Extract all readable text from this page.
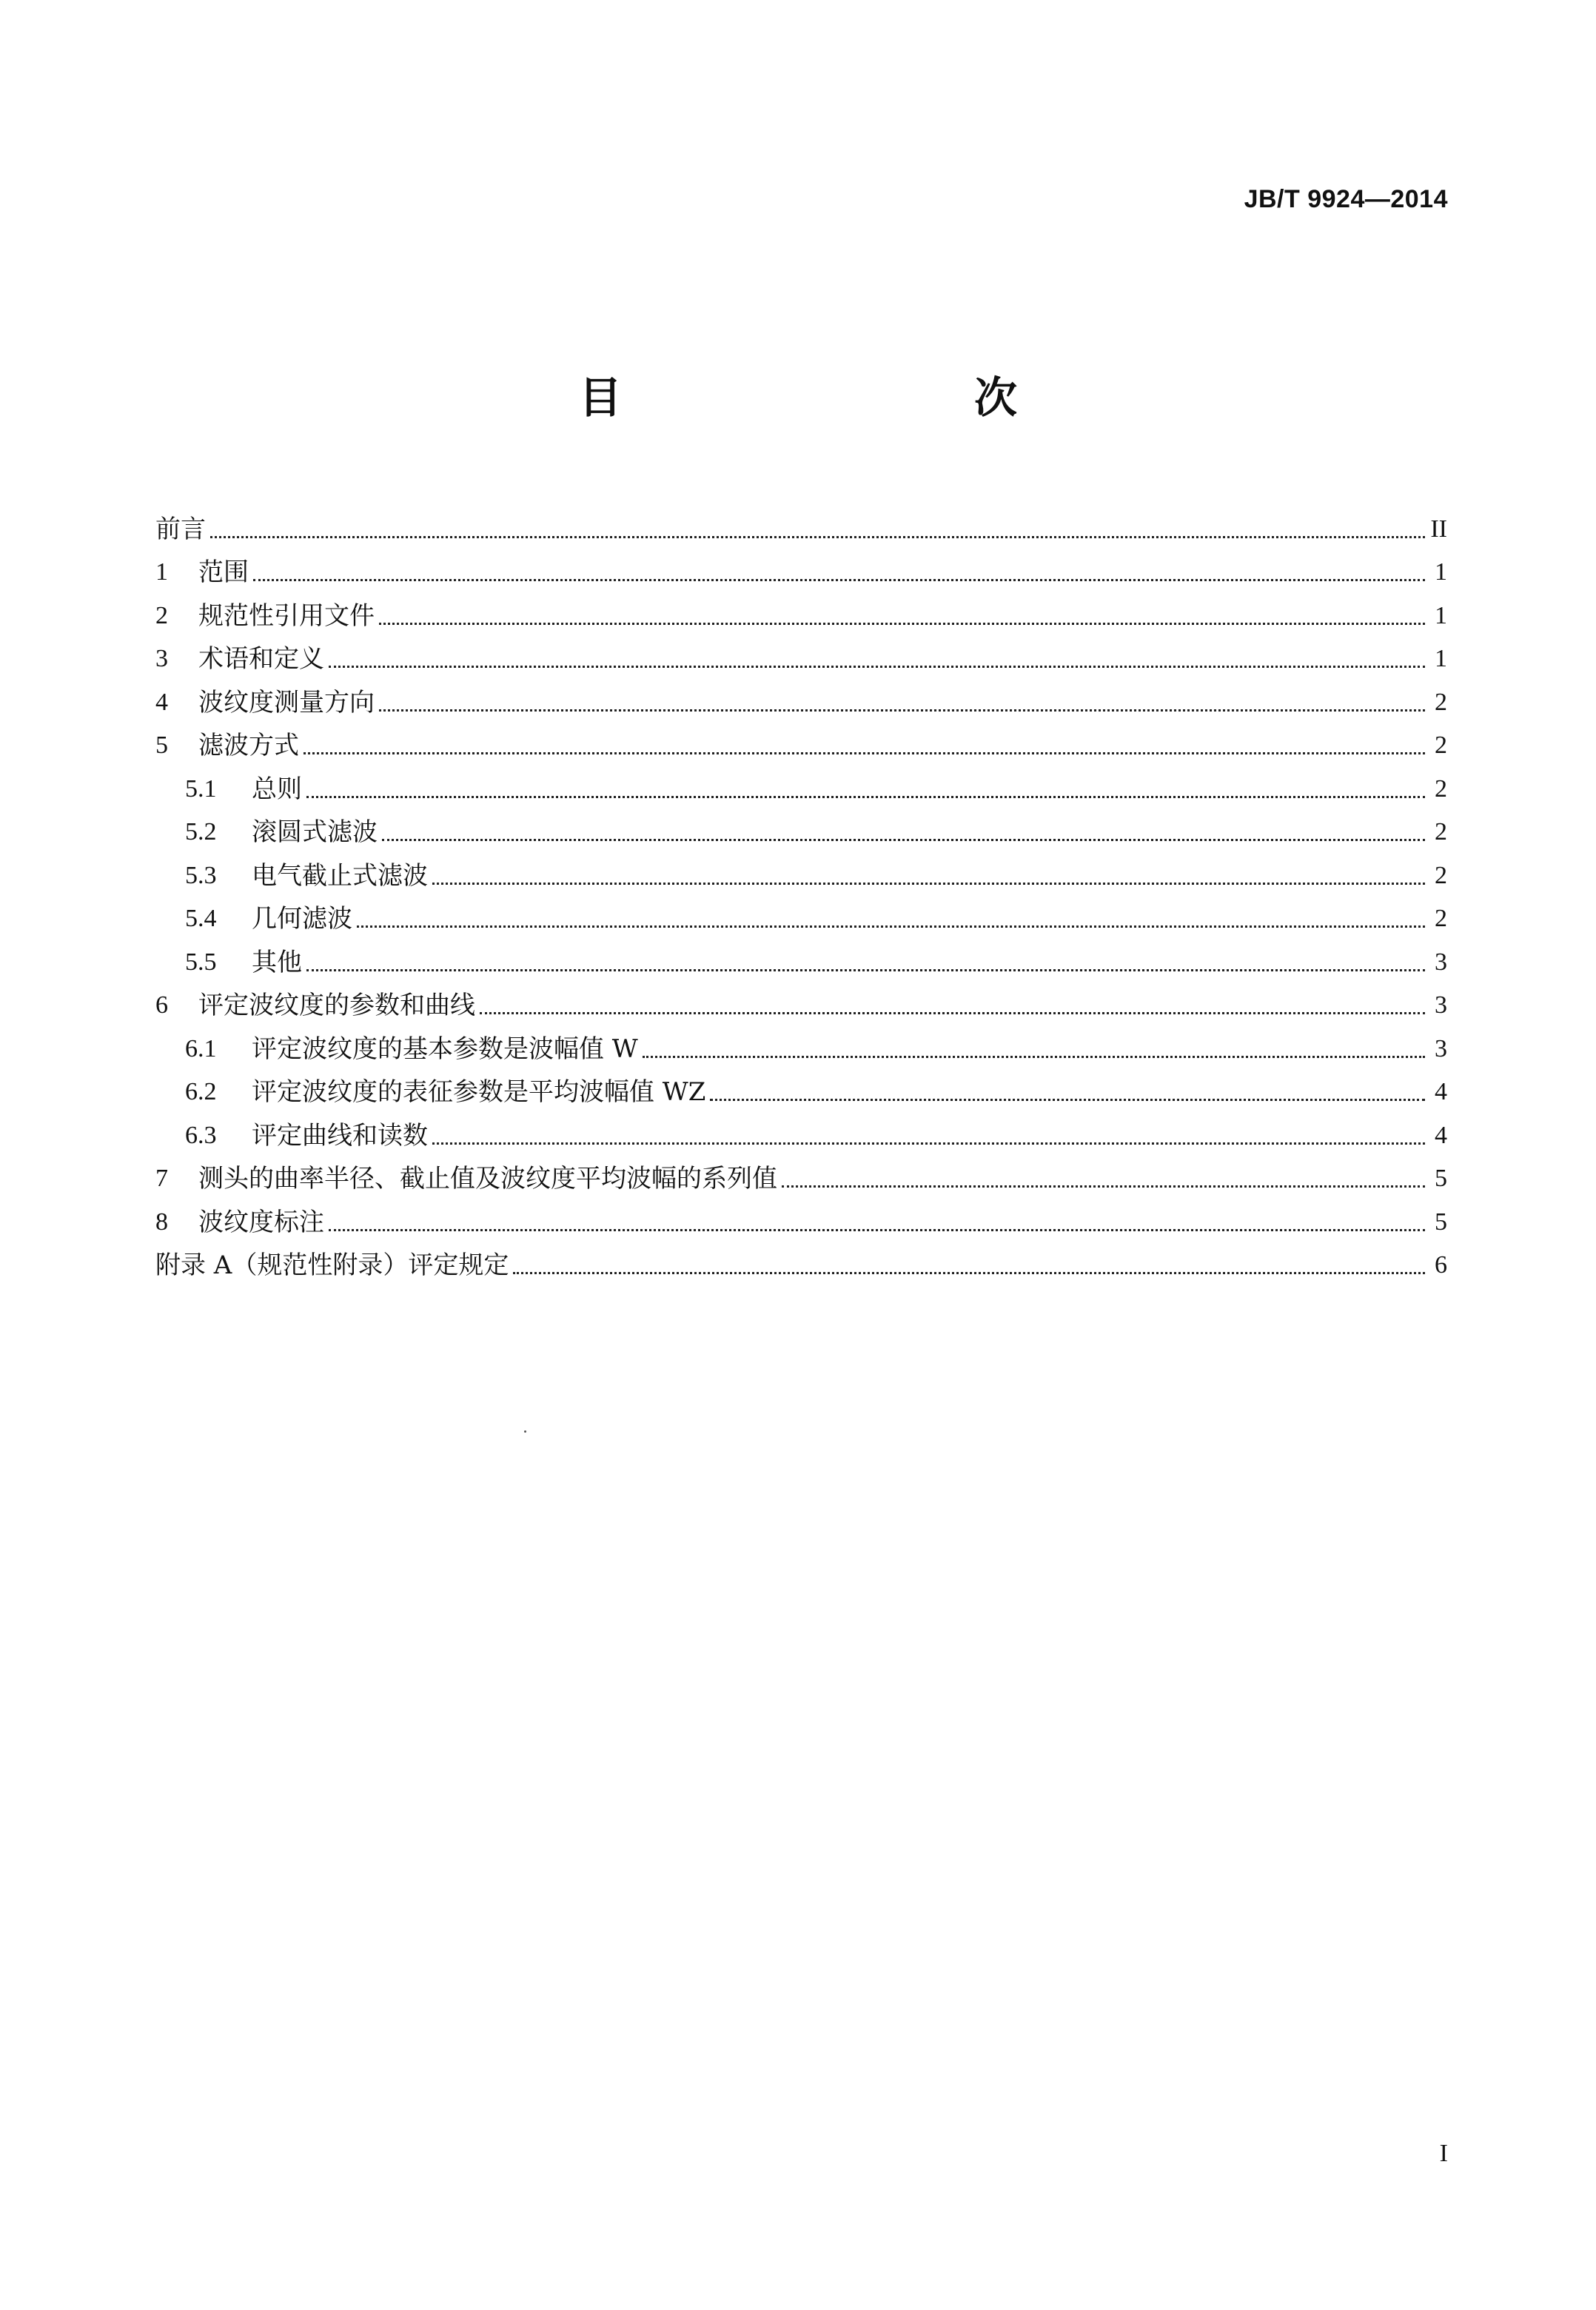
JB/T 9924—2014
目　　次
前言	II
1	范围	1
2	规范性引用文件	1
3	术语和定义	1
4	波纹度测量方向	2
5	滤波方式	2
5.1	总则	2
5.2	滚圆式滤波	2
5.3	电气截止式滤波	2
5.4	几何滤波	2
5.5	其他	3
6	评定波纹度的参数和曲线	3
6.1	评定波纹度的基本参数是波幅值 W	3
6.2	评定波纹度的表征参数是平均波幅值 WZ	4
6.3	评定曲线和读数	4
7	测头的曲率半径、截止值及波纹度平均波幅的系列值	5
8	波纹度标注	5
附录 A（规范性附录）评定规定	6
I
